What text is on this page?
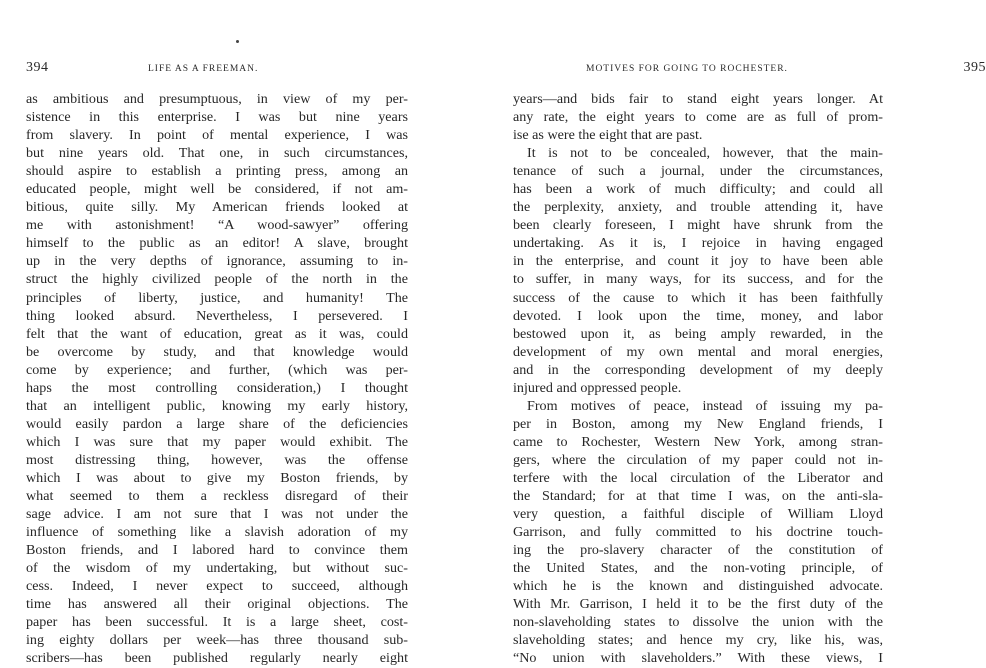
394	LIFE AS A FREEMAN.
as ambitious and presumptuous, in view of my per-
sistence in this enterprise. I was but nine years
from slavery. In point of mental experience, I was
but nine years old. That one, in such circumstances,
should aspire to establish a printing press, among an
educated people, might well be considered, if not am-
bitious, quite silly. My American friends looked at
me with astonishment! “A wood-sawyer” offering
himself to the public as an editor! A slave, brought
up in the very depths of ignorance, assuming to in-
struct the highly civilized people of the north in the
principles of liberty, justice, and humanity! The
thing looked absurd. Nevertheless, I persevered. I
felt that the want of education, great as it was, could
be overcome by study, and that knowledge would
come by experience; and further, (which was per-
haps the most controlling consideration,) I thought
that an intelligent public, knowing my early history,
would easily pardon a large share of the deficiencies
which I was sure that my paper would exhibit. The
most distressing thing, however, was the offense
which I was about to give my Boston friends, by
what seemed to them a reckless disregard of their
sage advice. I am not sure that I was not under the
influence of something like a slavish adoration of my
Boston friends, and I labored hard to convince them
of the wisdom of my undertaking, but without suc-
cess. Indeed, I never expect to succeed, although
time has answered all their original objections. The
paper has been successful. It is a large sheet, cost-
ing eighty dollars per week—has three thousand sub-
scribers—has been published regularly nearly eight
MOTIVES FOR GOING TO ROCHESTER.	395
years—and bids fair to stand eight years longer. At
any rate, the eight years to come are as full of prom-
ise as were the eight that are past.
It is not to be concealed, however, that the main-
tenance of such a journal, under the circumstances,
has been a work of much difficulty; and could all
the perplexity, anxiety, and trouble attending it, have
been clearly foreseen, I might have shrunk from the
undertaking. As it is, I rejoice in having engaged
in the enterprise, and count it joy to have been able
to suffer, in many ways, for its success, and for the
success of the cause to which it has been faithfully
devoted. I look upon the time, money, and labor
bestowed upon it, as being amply rewarded, in the
development of my own mental and moral energies,
and in the corresponding development of my deeply
injured and oppressed people.
From motives of peace, instead of issuing my pa-
per in Boston, among my New England friends, I
came to Rochester, Western New York, among stran-
gers, where the circulation of my paper could not in-
terfere with the local circulation of the Liberator and
the Standard; for at that time I was, on the anti-sla-
very question, a faithful disciple of William Lloyd
Garrison, and fully committed to his doctrine touch-
ing the pro-slavery character of the constitution of
the United States, and the non-voting principle, of
which he is the known and distinguished advocate.
With Mr. Garrison, I held it to be the first duty of the
non-slaveholding states to dissolve the union with the
slaveholding states; and hence my cry, like his, was,
“No union with slaveholders.” With these views, I
